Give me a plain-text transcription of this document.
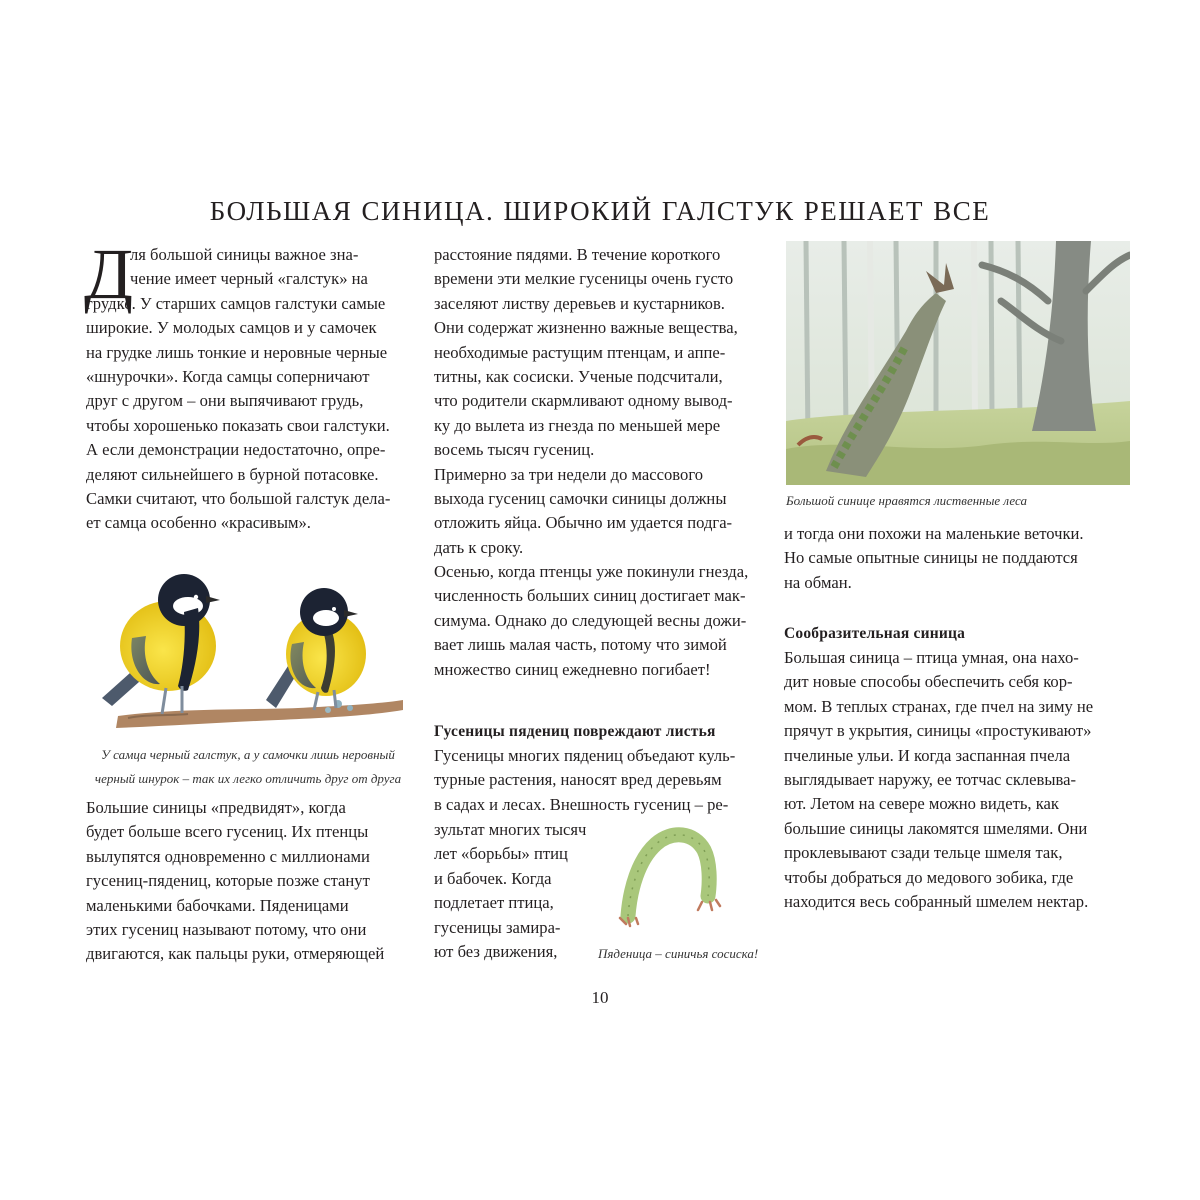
БОЛЬШАЯ СИНИЦА. ШИРОКИЙ ГАЛСТУК РЕШАЕТ ВСЕ
Д
ля большой синицы важное зна-
чение имеет черный «галстук» на
грудке. У старших самцов галстуки самые
широкие. У молодых самцов и у самочек
на грудке лишь тонкие и неровные черные
«шнурочки». Когда самцы соперничают
друг с другом – они выпячивают грудь,
чтобы хорошенько показать свои галстуки.
А если демонстрации недостаточно, опре-
деляют сильнейшего в бурной потасовке.
Самки считают, что большой галстук дела-
ет самца особенно «красивым».
У самца черный галстук, а у самочки лишь неровный
черный шнурок – так их легко отличить друг от друга
Большие синицы «предвидят», когда
будет больше всего гусениц. Их птенцы
вылупятся одновременно с миллионами
гусениц-пядениц, которые позже станут
маленькими бабочками. Пяденицами
этих гусениц называют потому, что они
двигаются, как пальцы руки, отмеряющей
расстояние пядями. В течение короткого
времени эти мелкие гусеницы очень густо
заселяют листву деревьев и кустарников.
Они содержат жизненно важные вещества,
необходимые растущим птенцам, и аппе-
титны, как сосиски. Ученые подсчитали,
что родители скармливают одному вывод-
ку до вылета из гнезда по меньшей мере
восемь тысяч гусениц.
Примерно за три недели до массового
выхода гусениц самочки синицы должны
отложить яйца. Обычно им удается подга-
дать к сроку.
Осенью, когда птенцы уже покинули гнезда,
численность больших синиц достигает мак-
симума. Однако до следующей весны дожи-
вает лишь малая часть, потому что зимой
множество синиц ежедневно погибает!
Гусеницы пядениц повреждают листья
Гусеницы многих пядениц объедают куль-
турные растения, наносят вред деревьям
в садах и лесах. Внешность гусениц – ре-
зультат многих тысяч
лет «борьбы» птиц
и бабочек. Когда
подлетает птица,
гусеницы замира-
ют без движения,	Пяденица – синичья сосиска!
Большой синице нравятся лиственные леса
и тогда они похожи на маленькие веточки.
Но самые опытные синицы не поддаются
на обман.
Сообразительная синица
Большая синица – птица умная, она нахо-
дит новые способы обеспечить себя кор-
мом. В теплых странах, где пчел на зиму не
прячут в укрытия, синицы «простукивают»
пчелиные ульи. И когда заспанная пчела
выглядывает наружу, ее тотчас склевыва-
ют. Летом на севере можно видеть, как
большие синицы лакомятся шмелями. Они
проклевывают сзади тельце шмеля так,
чтобы добраться до медового зобика, где
находится весь собранный шмелем нектар.
10
